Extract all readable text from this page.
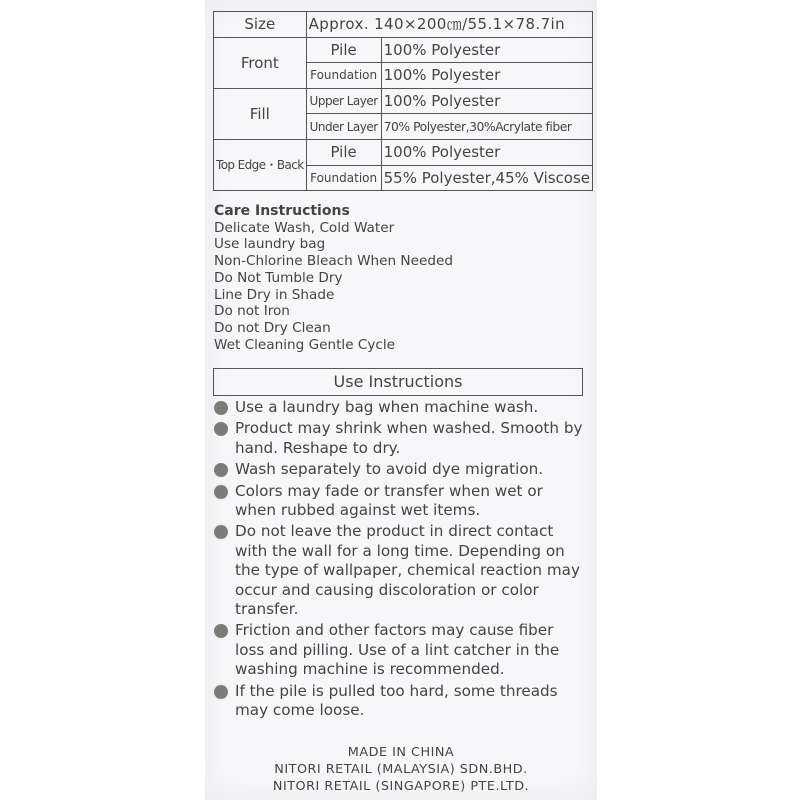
Size	Approx. 140×200㎝/55.1×78.7in	
Front	Pile	100% Polyester
	Foundation	100% Polyester
Fill	Upper Layer	100% Polyester
	Under Layer	70% Polyester,30%Acrylate fiber
Top Edge・Back	Pile	100% Polyester
	Foundation	55% Polyester,45% Viscose
Care Instructions
Delicate Wash, Cold Water
Use laundry bag
Non-Chlorine Bleach When Needed
Do Not Tumble Dry
Line Dry in Shade
Do not Iron
Do not Dry Clean
Wet Cleaning Gentle Cycle
Use Instructions
Use a laundry bag when machine wash.
Product may shrink when washed. Smooth by hand. Reshape to dry.
Wash separately to avoid dye migration.
Colors may fade or transfer when wet or when rubbed against wet items.
Do not leave the product in direct contact with the wall for a long time. Depending on the type of wallpaper, chemical reaction may occur and causing discoloration or color transfer.
Friction and other factors may cause fiber loss and pilling. Use of a lint catcher in the washing machine is recommended.
If the pile is pulled too hard, some threads may come loose.
MADE IN CHINA
NITORI RETAIL (MALAYSIA) SDN.BHD.
NITORI RETAIL (SINGAPORE) PTE.LTD.
